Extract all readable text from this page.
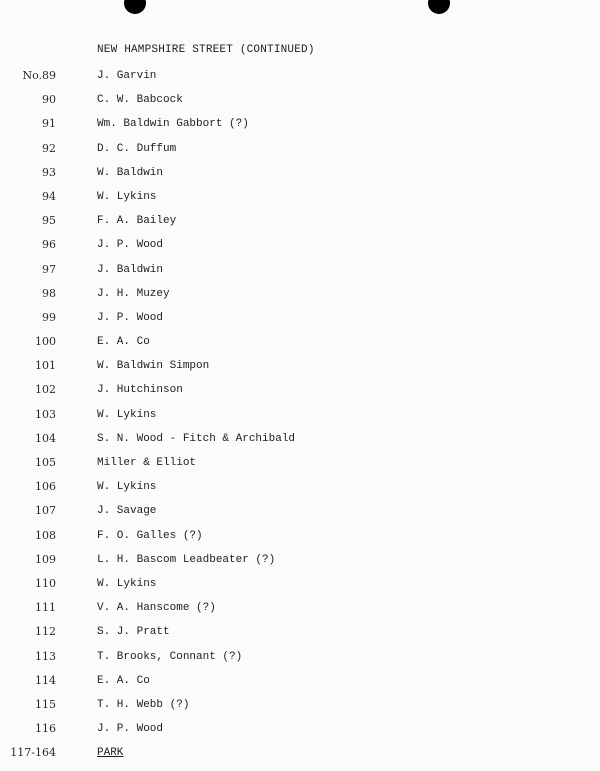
NEW HAMPSHIRE STREET (CONTINUED)
No.89	J. Garvin
90	C. W. Babcock
91	Wm. Baldwin Gabbort (?)
92	D. C. Duffum
93	W. Baldwin
94	W. Lykins
95	F. A. Bailey
96	J. P. Wood
97	J. Baldwin
98	J. H. Muzey
99	J. P. Wood
100	E. A. Co
101	W. Baldwin Simpon
102	J. Hutchinson
103	W. Lykins
104	S. N. Wood - Fitch & Archibald
105	Miller & Elliot
106	W. Lykins
107	J. Savage
108	F. O. Galles (?)
109	L. H. Bascom Leadbeater (?)
110	W. Lykins
111	V. A. Hanscome (?)
112	S. J. Pratt
113	T. Brooks, Connant (?)
114	E. A. Co
115	T. H. Webb (?)
116	J. P. Wood
117-164	PARK
